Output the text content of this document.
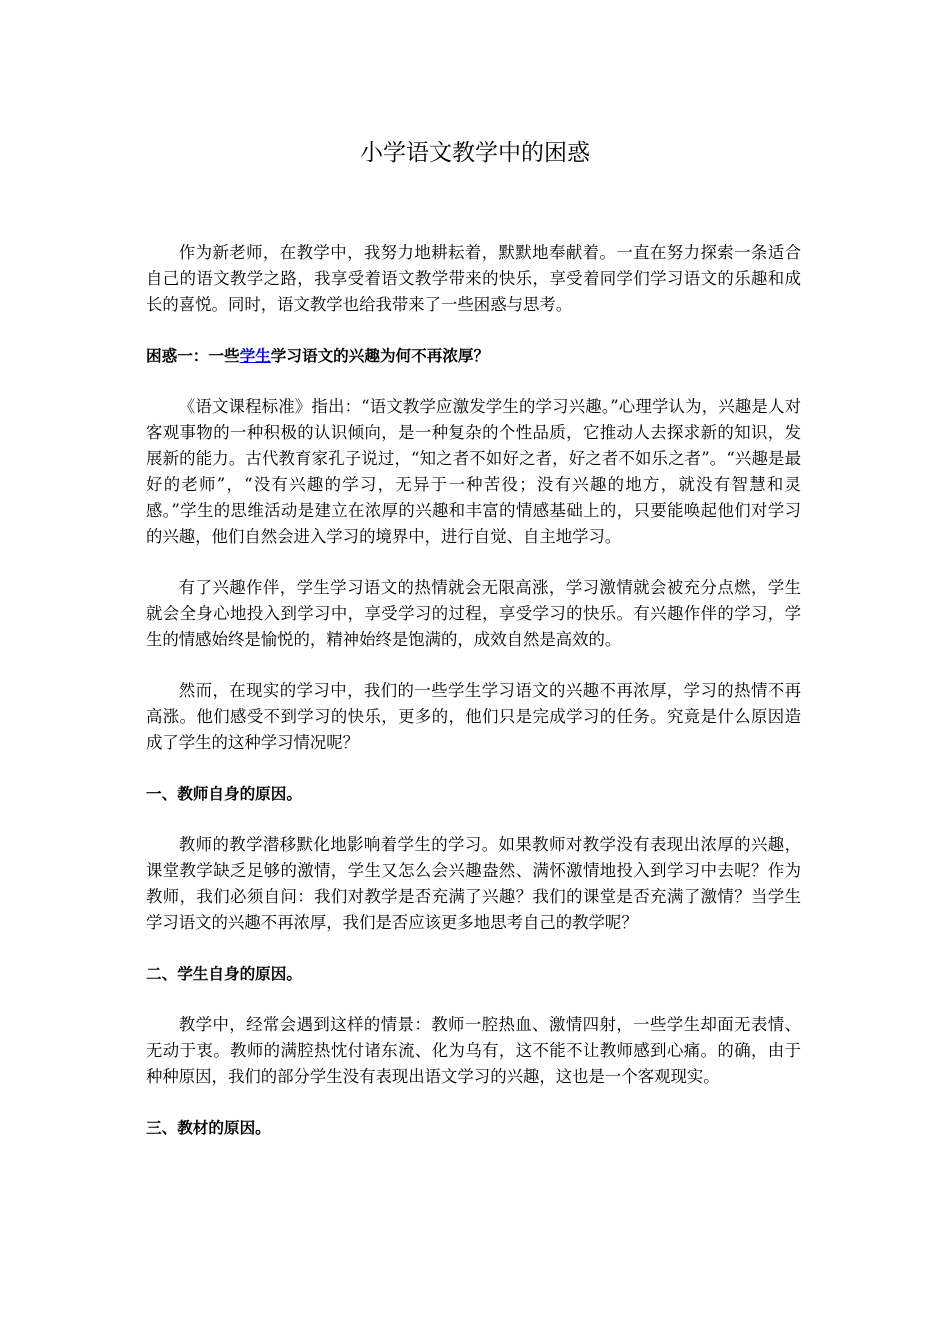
小学语文教学中的困惑

作为新老师，在教学中，我努力地耕耘着，默默地奉献着。一直在努力探索一条适合自己的语文教学之路，我享受着语文教学带来的快乐，享受着同学们学习语文的乐趣和成长的喜悦。同时，语文教学也给我带来了一些困惑与思考。

困惑一：一些学生学习语文的兴趣为何不再浓厚？

《语文课程标准》指出：“语文教学应激发学生的学习兴趣。”心理学认为，兴趣是人对客观事物的一种积极的认识倾向，是一种复杂的个性品质，它推动人去探求新的知识，发展新的能力。古代教育家孔子说过，“知之者不如好之者，好之者不如乐之者”。“兴趣是最好的老师”，“没有兴趣的学习，无异于一种苦役；没有兴趣的地方，就没有智慧和灵感。”学生的思维活动是建立在浓厚的兴趣和丰富的情感基础上的，只要能唤起他们对学习的兴趣，他们自然会进入学习的境界中，进行自觉、自主地学习。

有了兴趣作伴，学生学习语文的热情就会无限高涨，学习激情就会被充分点燃，学生就会全身心地投入到学习中，享受学习的过程，享受学习的快乐。有兴趣作伴的学习，学生的情感始终是愉悦的，精神始终是饱满的，成效自然是高效的。

然而，在现实的学习中，我们的一些学生学习语文的兴趣不再浓厚，学习的热情不再高涨。他们感受不到学习的快乐，更多的，他们只是完成学习的任务。究竟是什么原因造成了学生的这种学习情况呢？

一、教师自身的原因。

教师的教学潜移默化地影响着学生的学习。如果教师对教学没有表现出浓厚的兴趣，课堂教学缺乏足够的激情，学生又怎么会兴趣盎然、满怀激情地投入到学习中去呢？作为教师，我们必须自问：我们对教学是否充满了兴趣？我们的课堂是否充满了激情？当学生学习语文的兴趣不再浓厚，我们是否应该更多地思考自己的教学呢？

二、学生自身的原因。

教学中，经常会遇到这样的情景：教师一腔热血、激情四射，一些学生却面无表情、无动于衷。教师的满腔热忱付诸东流、化为乌有，这不能不让教师感到心痛。的确，由于种种原因，我们的部分学生没有表现出语文学习的兴趣，这也是一个客观现实。

三、教材的原因。
